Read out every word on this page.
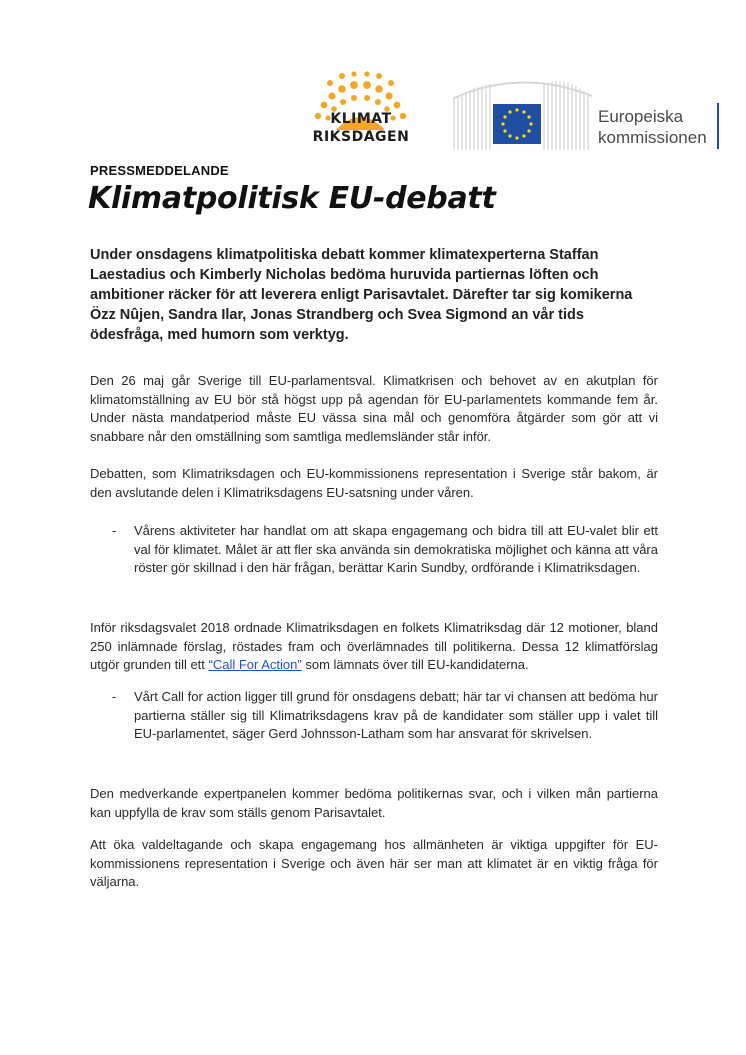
KLIMAT
RIKSDAGEN
Europeiska
kommissionen
PRESSMEDDELANDE
Klimatpolitisk EU-debatt
Under onsdagens klimatpolitiska debatt kommer klimatexperterna Staffan Laestadius och Kimberly Nicholas bedöma huruvida partiernas löften och ambitioner räcker för att leverera enligt Parisavtalet. Därefter tar sig komikerna Özz Nûjen, Sandra Ilar, Jonas Strandberg och Svea Sigmond an vår tids ödesfråga, med humorn som verktyg.
Den 26 maj går Sverige till EU-parlamentsval. Klimatkrisen och behovet av en akutplan för klimatomställning av EU bör stå högst upp på agendan för EU-parlamentets kommande fem år. Under nästa mandatperiod måste EU vässa sina mål och genomföra åtgärder som gör att vi snabbare når den omställning som samtliga medlemsländer står inför.
Debatten, som Klimatriksdagen och EU-kommissionens representation i Sverige står bakom, är den avslutande delen i Klimatriksdagens EU-satsning under våren.
- Vårens aktiviteter har handlat om att skapa engagemang och bidra till att EU-valet blir ett val för klimatet. Målet är att fler ska använda sin demokratiska möjlighet och känna att våra röster gör skillnad i den här frågan, berättar Karin Sundby, ordförande i Klimatriksdagen.
Inför riksdagsvalet 2018 ordnade Klimatriksdagen en folkets Klimatriksdag där 12 motioner, bland 250 inlämnade förslag, röstades fram och överlämnades till politikerna. Dessa 12 klimatförslag utgör grunden till ett “Call For Action” som lämnats över till EU-kandidaterna.
- Vårt Call for action ligger till grund för onsdagens debatt; här tar vi chansen att bedöma hur partierna ställer sig till Klimatriksdagens krav på de kandidater som ställer upp i valet till EU-parlamentet, säger Gerd Johnsson-Latham som har ansvarat för skrivelsen.
Den medverkande expertpanelen kommer bedöma politikernas svar, och i vilken mån partierna kan uppfylla de krav som ställs genom Parisavtalet.
Att öka valdeltagande och skapa engagemang hos allmänheten är viktiga uppgifter för EU-kommissionens representation i Sverige och även här ser man att klimatet är en viktig fråga för väljarna.
